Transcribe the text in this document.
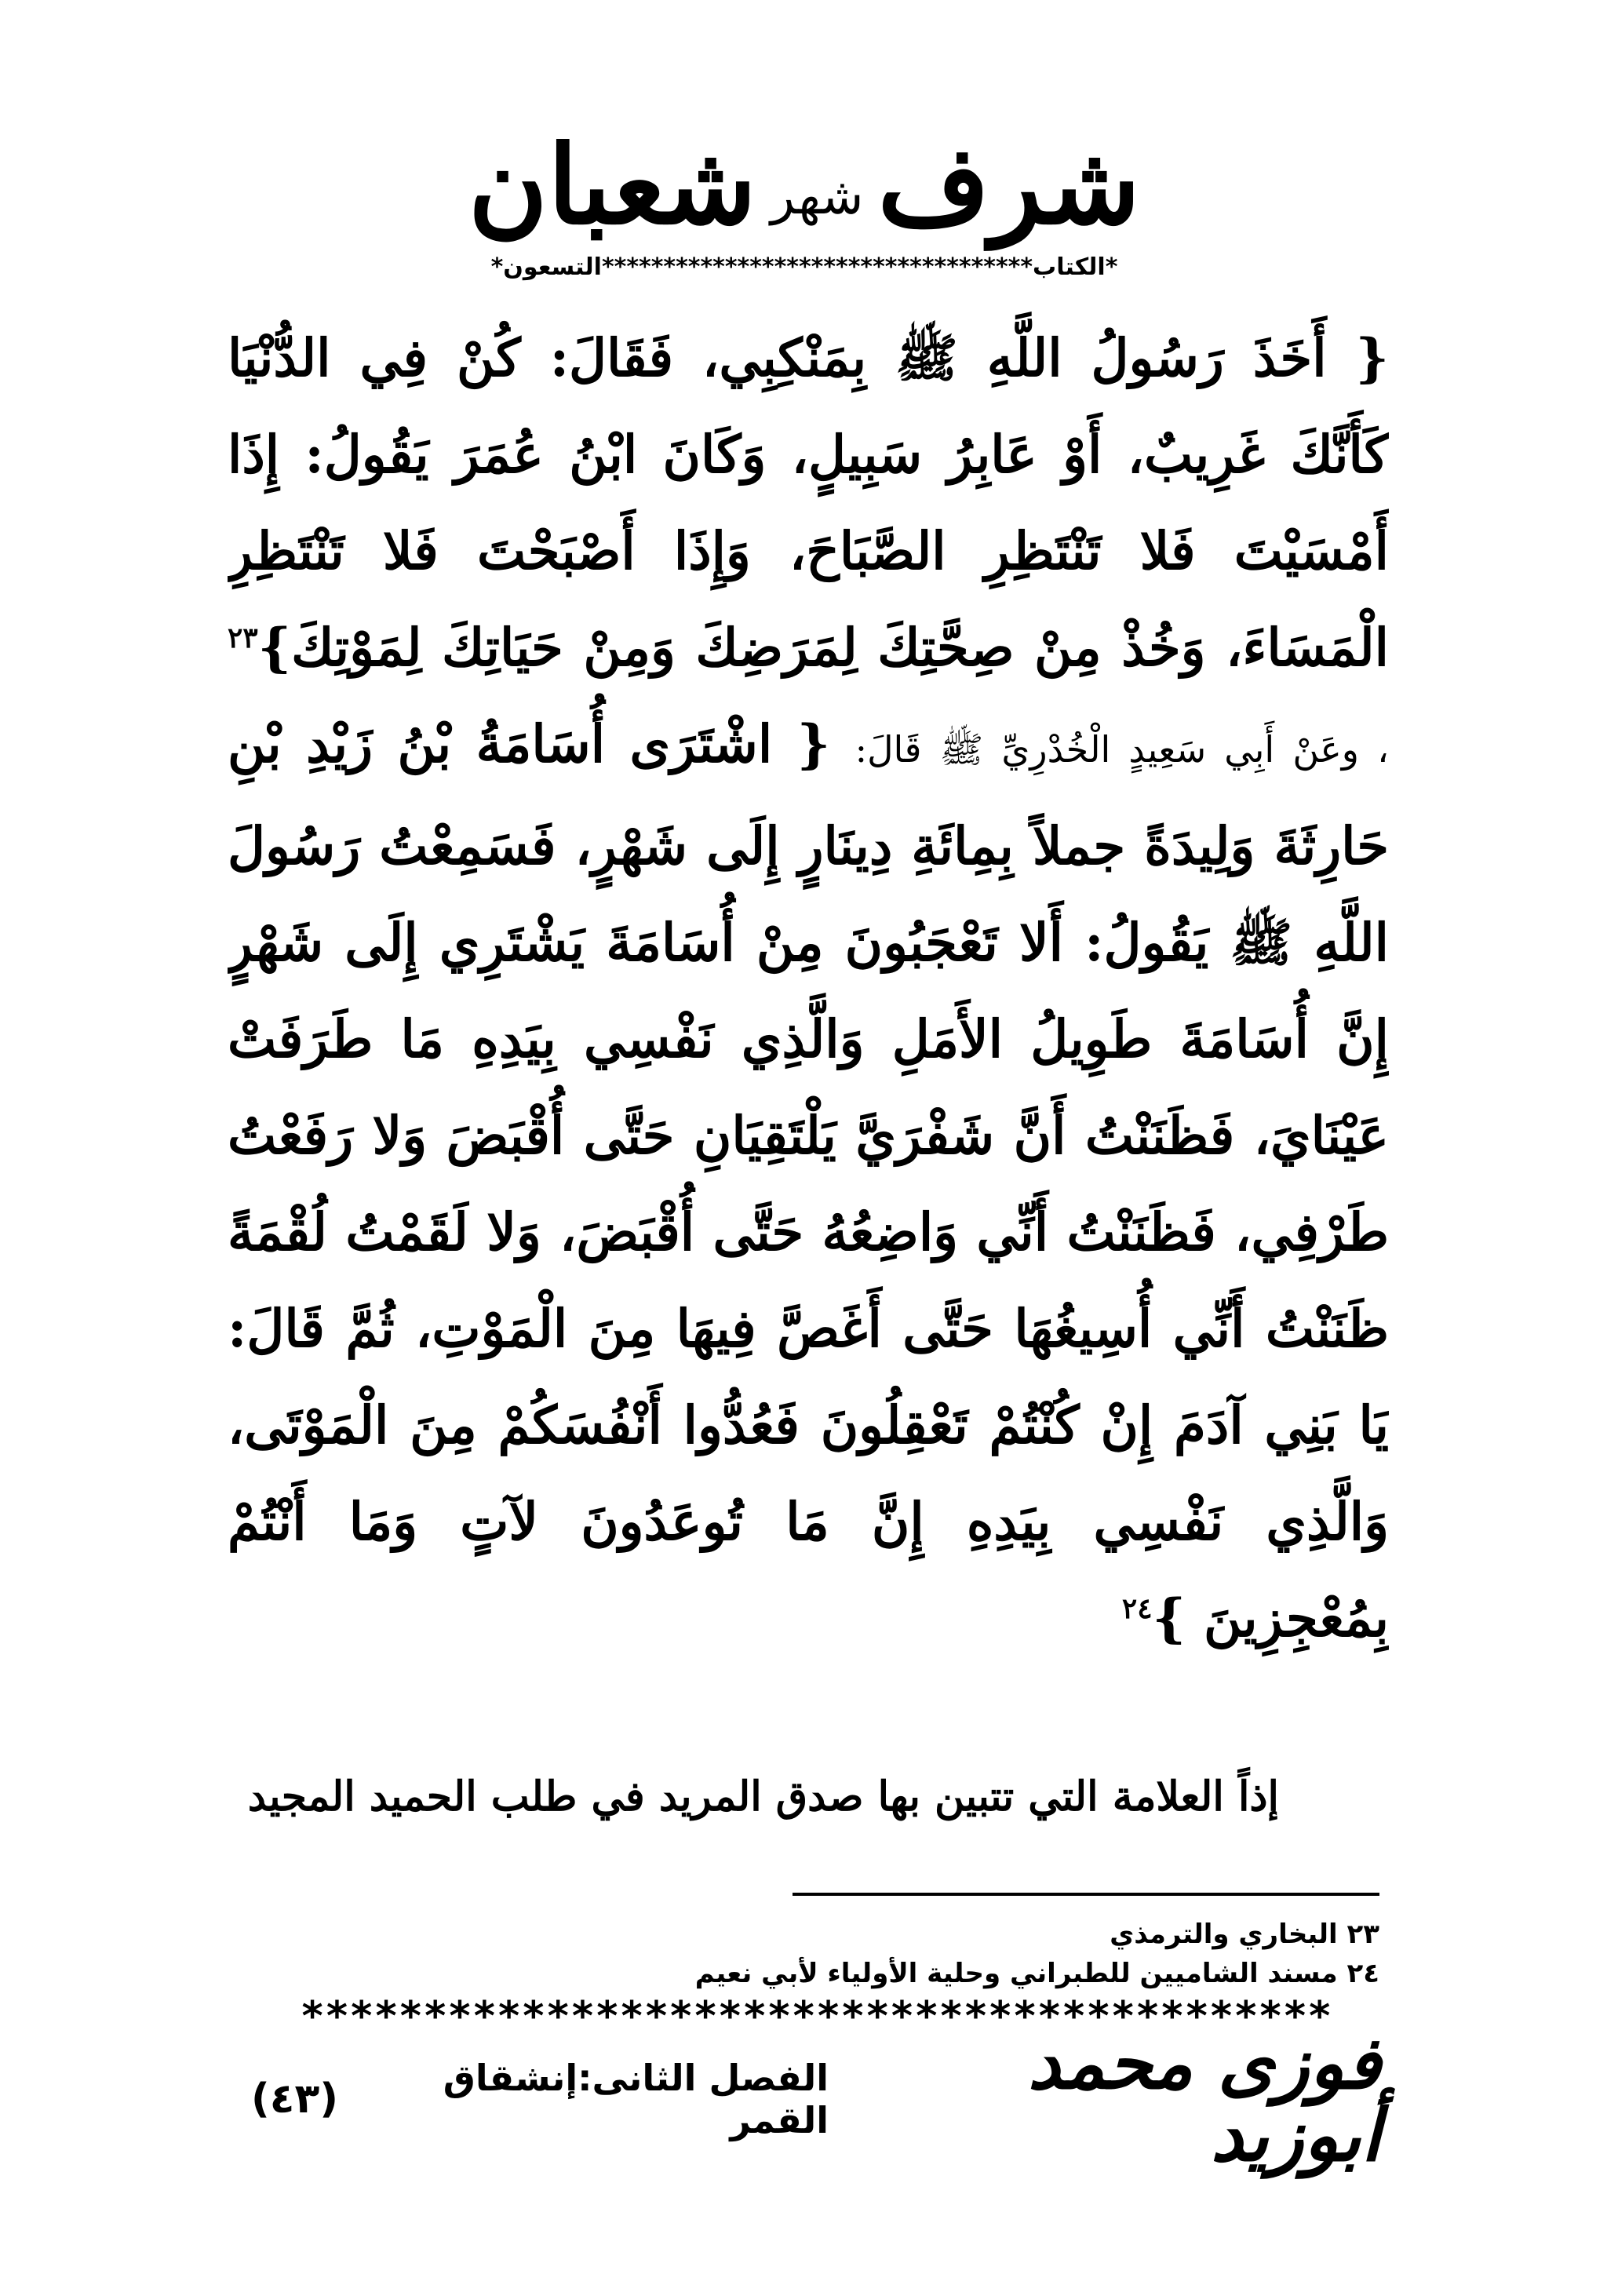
شرف
شهر
شعبان
*الكتاب***********************************التسعون*
{ أَخَذَ رَسُولُ اللَّهِ ﷺ بِمَنْكِبِي، فَقَالَ: كُنْ فِي الدُّنْيَا كَأَنَّكَ غَرِيبٌ، أَوْ عَابِرُ سَبِيلٍ، وَكَانَ ابْنُ عُمَرَ يَقُولُ: إِذَا أَمْسَيْتَ فَلا تَنْتَظِرِ الصَّبَاحَ، وَإِذَا أَصْبَحْتَ فَلا تَنْتَظِرِ الْمَسَاءَ، وَخُذْ مِنْ صِحَّتِكَ لِمَرَضِكَ وَمِنْ حَيَاتِكَ لِمَوْتِكَ}$^{٢٣}$ ، وعَنْ أَبِي سَعِيدٍ الْخُدْرِيِّ ﷺ قَالَ: { اشْتَرَى أُسَامَةُ بْنُ زَيْدِ بْنِ حَارِثَةَ وَلِيدَةً جملاً بِمِائَةِ دِينَارٍ إِلَى شَهْرٍ، فَسَمِعْتُ رَسُولَ اللَّهِ ﷺ يَقُولُ: أَلا تَعْجَبُونَ مِنْ أُسَامَةَ يَشْتَرِي إِلَى شَهْرٍ إِنَّ أُسَامَةَ طَوِيلُ الأَمَلِ وَالَّذِي نَفْسِي بِيَدِهِ مَا طَرَفَتْ عَيْنَايَ، فَظَنَنْتُ أَنَّ شَفْرَيَّ يَلْتَقِيَانِ حَتَّى أُقْبَضَ وَلا رَفَعْتُ طَرْفِي، فَظَنَنْتُ أَنِّي وَاضِعُهُ حَتَّى أُقْبَضَ، وَلا لَقَمْتُ لُقْمَةً ظَنَنْتُ أَنِّي أُسِيغُهَا حَتَّى أَغَصَّ فِيهَا مِنَ الْمَوْتِ، ثُمَّ قَالَ: يَا بَنِي آدَمَ إِنْ كُنْتُمْ تَعْقِلُونَ فَعُدُّوا أَنْفُسَكُمْ مِنَ الْمَوْتَى، وَالَّذِي نَفْسِي بِيَدِهِ إِنَّ مَا تُوعَدُونَ لآتٍ وَمَا أَنْتُمْ بِمُعْجِزِينَ }$^{٢٤}$
إذاً العلامة التي تتبين بها صدق المريد في طلب الحميد المجيد
٢٣ البخاري والترمذي
٢٤ مسند الشاميين للطبراني وحلية الأولياء لأبي نعيم
******************************************
فوزى محمد أبوزيد
الفصل الثانى:إنشقاق القمر
(٤٣)
